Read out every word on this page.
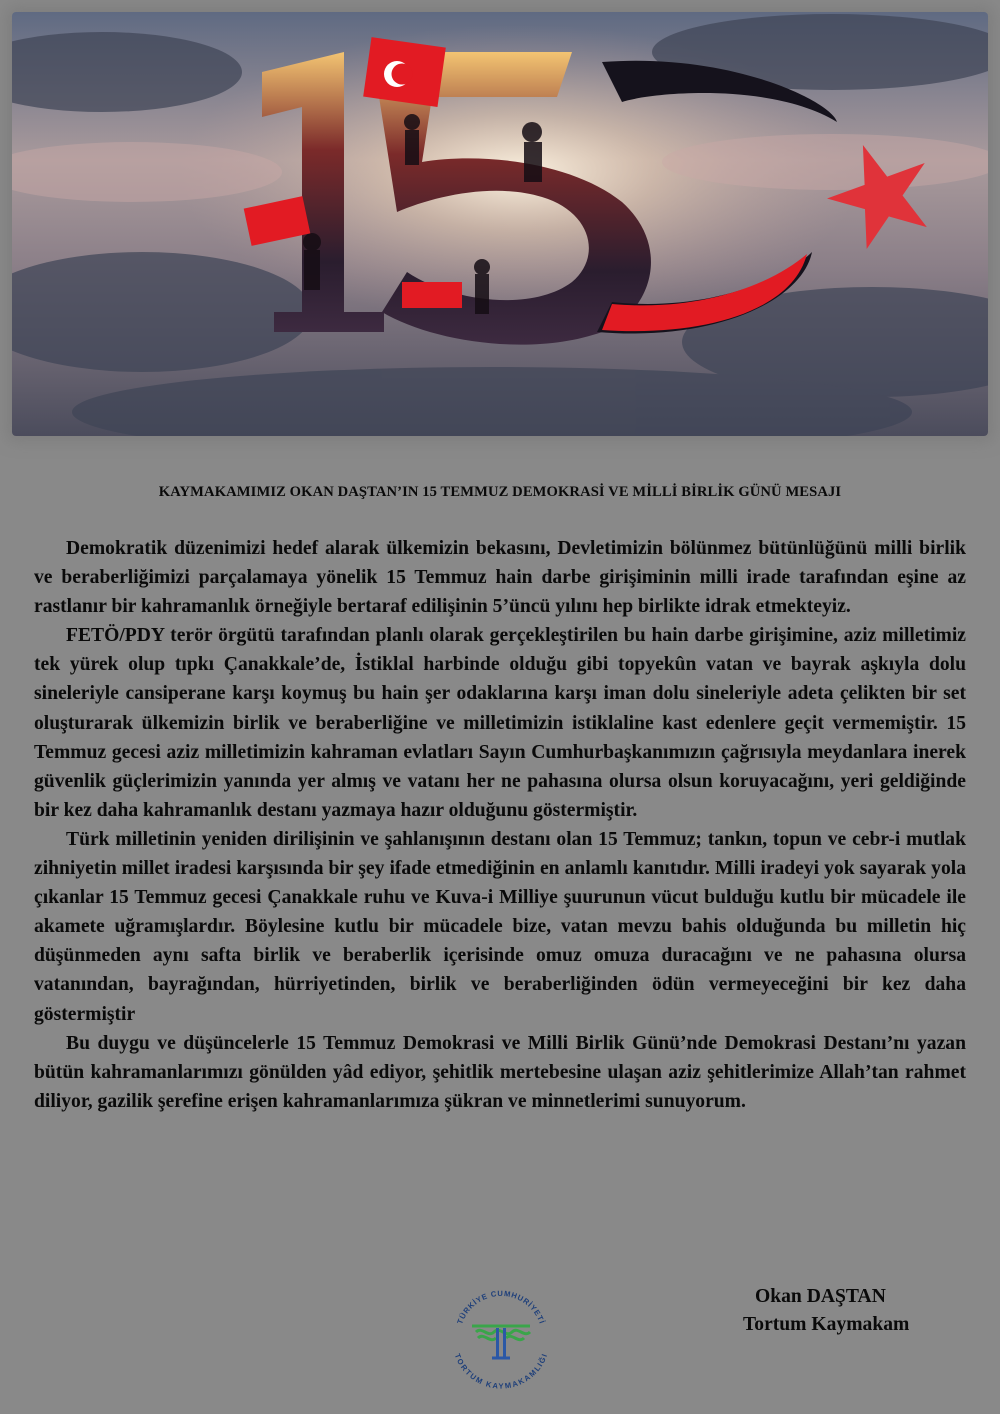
KAYMAKAMIMIZ OKAN DAŞTAN’IN 15 TEMMUZ DEMOKRASİ VE MİLLİ BİRLİK GÜNÜ MESAJI

Demokratik düzenimizi hedef alarak ülkemizin bekasını, Devletimizin bölünmez bütünlüğünü milli birlik ve beraberliğimizi parçalamaya yönelik 15 Temmuz hain darbe girişiminin milli irade tarafından eşine az rastlanır bir kahramanlık örneğiyle bertaraf edilişinin 5’üncü yılını hep birlikte idrak etmekteyiz.

FETÖ/PDY terör örgütü tarafından planlı olarak gerçekleştirilen bu hain darbe girişimine, aziz milletimiz tek yürek olup tıpkı Çanakkale’de, İstiklal harbinde olduğu gibi topyekûn vatan ve bayrak aşkıyla dolu sineleriyle cansiperane karşı koymuş bu hain şer odaklarına karşı iman dolu sineleriyle adeta çelikten bir set oluşturarak ülkemizin birlik ve beraberliğine ve milletimizin istiklaline kast edenlere geçit vermemiştir. 15 Temmuz gecesi aziz milletimizin kahraman evlatları Sayın Cumhurbaşkanımızın çağrısıyla meydanlara inerek güvenlik güçlerimizin yanında yer almış ve vatanı her ne pahasına olursa olsun koruyacağını, yeri geldiğinde bir kez daha kahramanlık destanı yazmaya hazır olduğunu göstermiştir.

Türk milletinin yeniden dirilişinin ve şahlanışının destanı olan 15 Temmuz; tankın, topun ve cebr-i mutlak zihniyetin millet iradesi karşısında bir şey ifade etmediğinin en anlamlı kanıtıdır. Milli iradeyi yok sayarak yola çıkanlar 15 Temmuz gecesi Çanakkale ruhu ve Kuva-i Milliye şuurunun vücut bulduğu kutlu bir mücadele ile akamete uğramışlardır. Böylesine kutlu bir mücadele bize, vatan mevzu bahis olduğunda bu milletin hiç düşünmeden aynı safta birlik ve beraberlik içerisinde omuz omuza duracağını ve ne pahasına olursa vatanından, bayrağından, hürriyetinden, birlik ve beraberliğinden ödün vermeyeceğini bir kez daha göstermiştir

Bu duygu ve düşüncelerle 15 Temmuz Demokrasi ve Milli Birlik Günü’nde Demokrasi Destanı’nı yazan bütün kahramanlarımızı gönülden yâd ediyor, şehitlik mertebesine ulaşan aziz şehitlerimize Allah’tan rahmet diliyor, gazilik şerefine erişen kahramanlarımıza şükran ve minnetlerimi sunuyorum.

TÜRKİYE CUMHURİYETİ
TORTUM KAYMAKAMLIĞI
Okan DAŞTAN
Tortum Kaymakam
